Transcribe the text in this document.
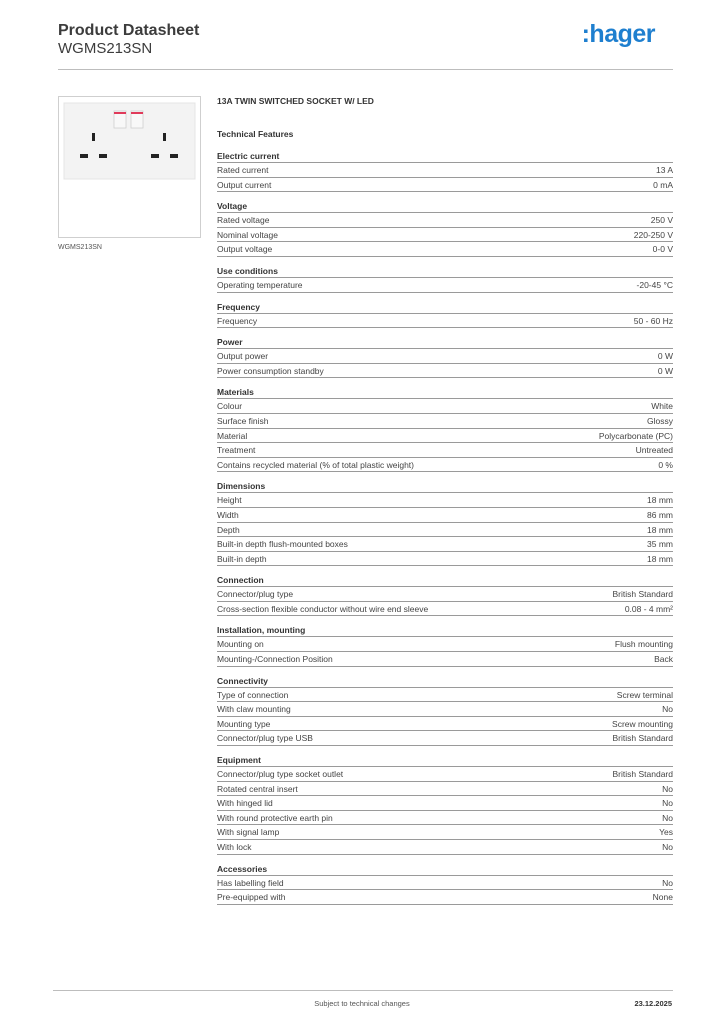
Product Datasheet
WGMS213SN
:hager
WGMS213SN
13A TWIN SWITCHED SOCKET W/ LED
Technical Features
Electric current
Rated current	13 A
Output current	0 mA
Voltage
Rated voltage	250 V
Nominal voltage	220-250 V
Output voltage	0-0 V
Use conditions
Operating temperature	-20-45 °C
Frequency
Frequency	50 - 60 Hz
Power
Output power	0 W
Power consumption standby	0 W
Materials
Colour	White
Surface finish	Glossy
Material	Polycarbonate (PC)
Treatment	Untreated
Contains recycled material (% of total plastic weight)	0 %
Dimensions
Height	18 mm
Width	86 mm
Depth	18 mm
Built-in depth flush-mounted boxes	35 mm
Built-in depth	18 mm
Connection
Connector/plug type	British Standard
Cross-section flexible conductor without wire end sleeve	0.08 - 4 mm²
Installation, mounting
Mounting on	Flush mounting
Mounting-/Connection Position	Back
Connectivity
Type of connection	Screw terminal
With claw mounting	No
Mounting type	Screw mounting
Connector/plug type USB	British Standard
Equipment
Connector/plug type socket outlet	British Standard
Rotated central insert	No
With hinged lid	No
With round protective earth pin	No
With signal lamp	Yes
With lock	No
Accessories
Has labelling field	No
Pre-equipped with	None
Subject to technical changes	23.12.2025
